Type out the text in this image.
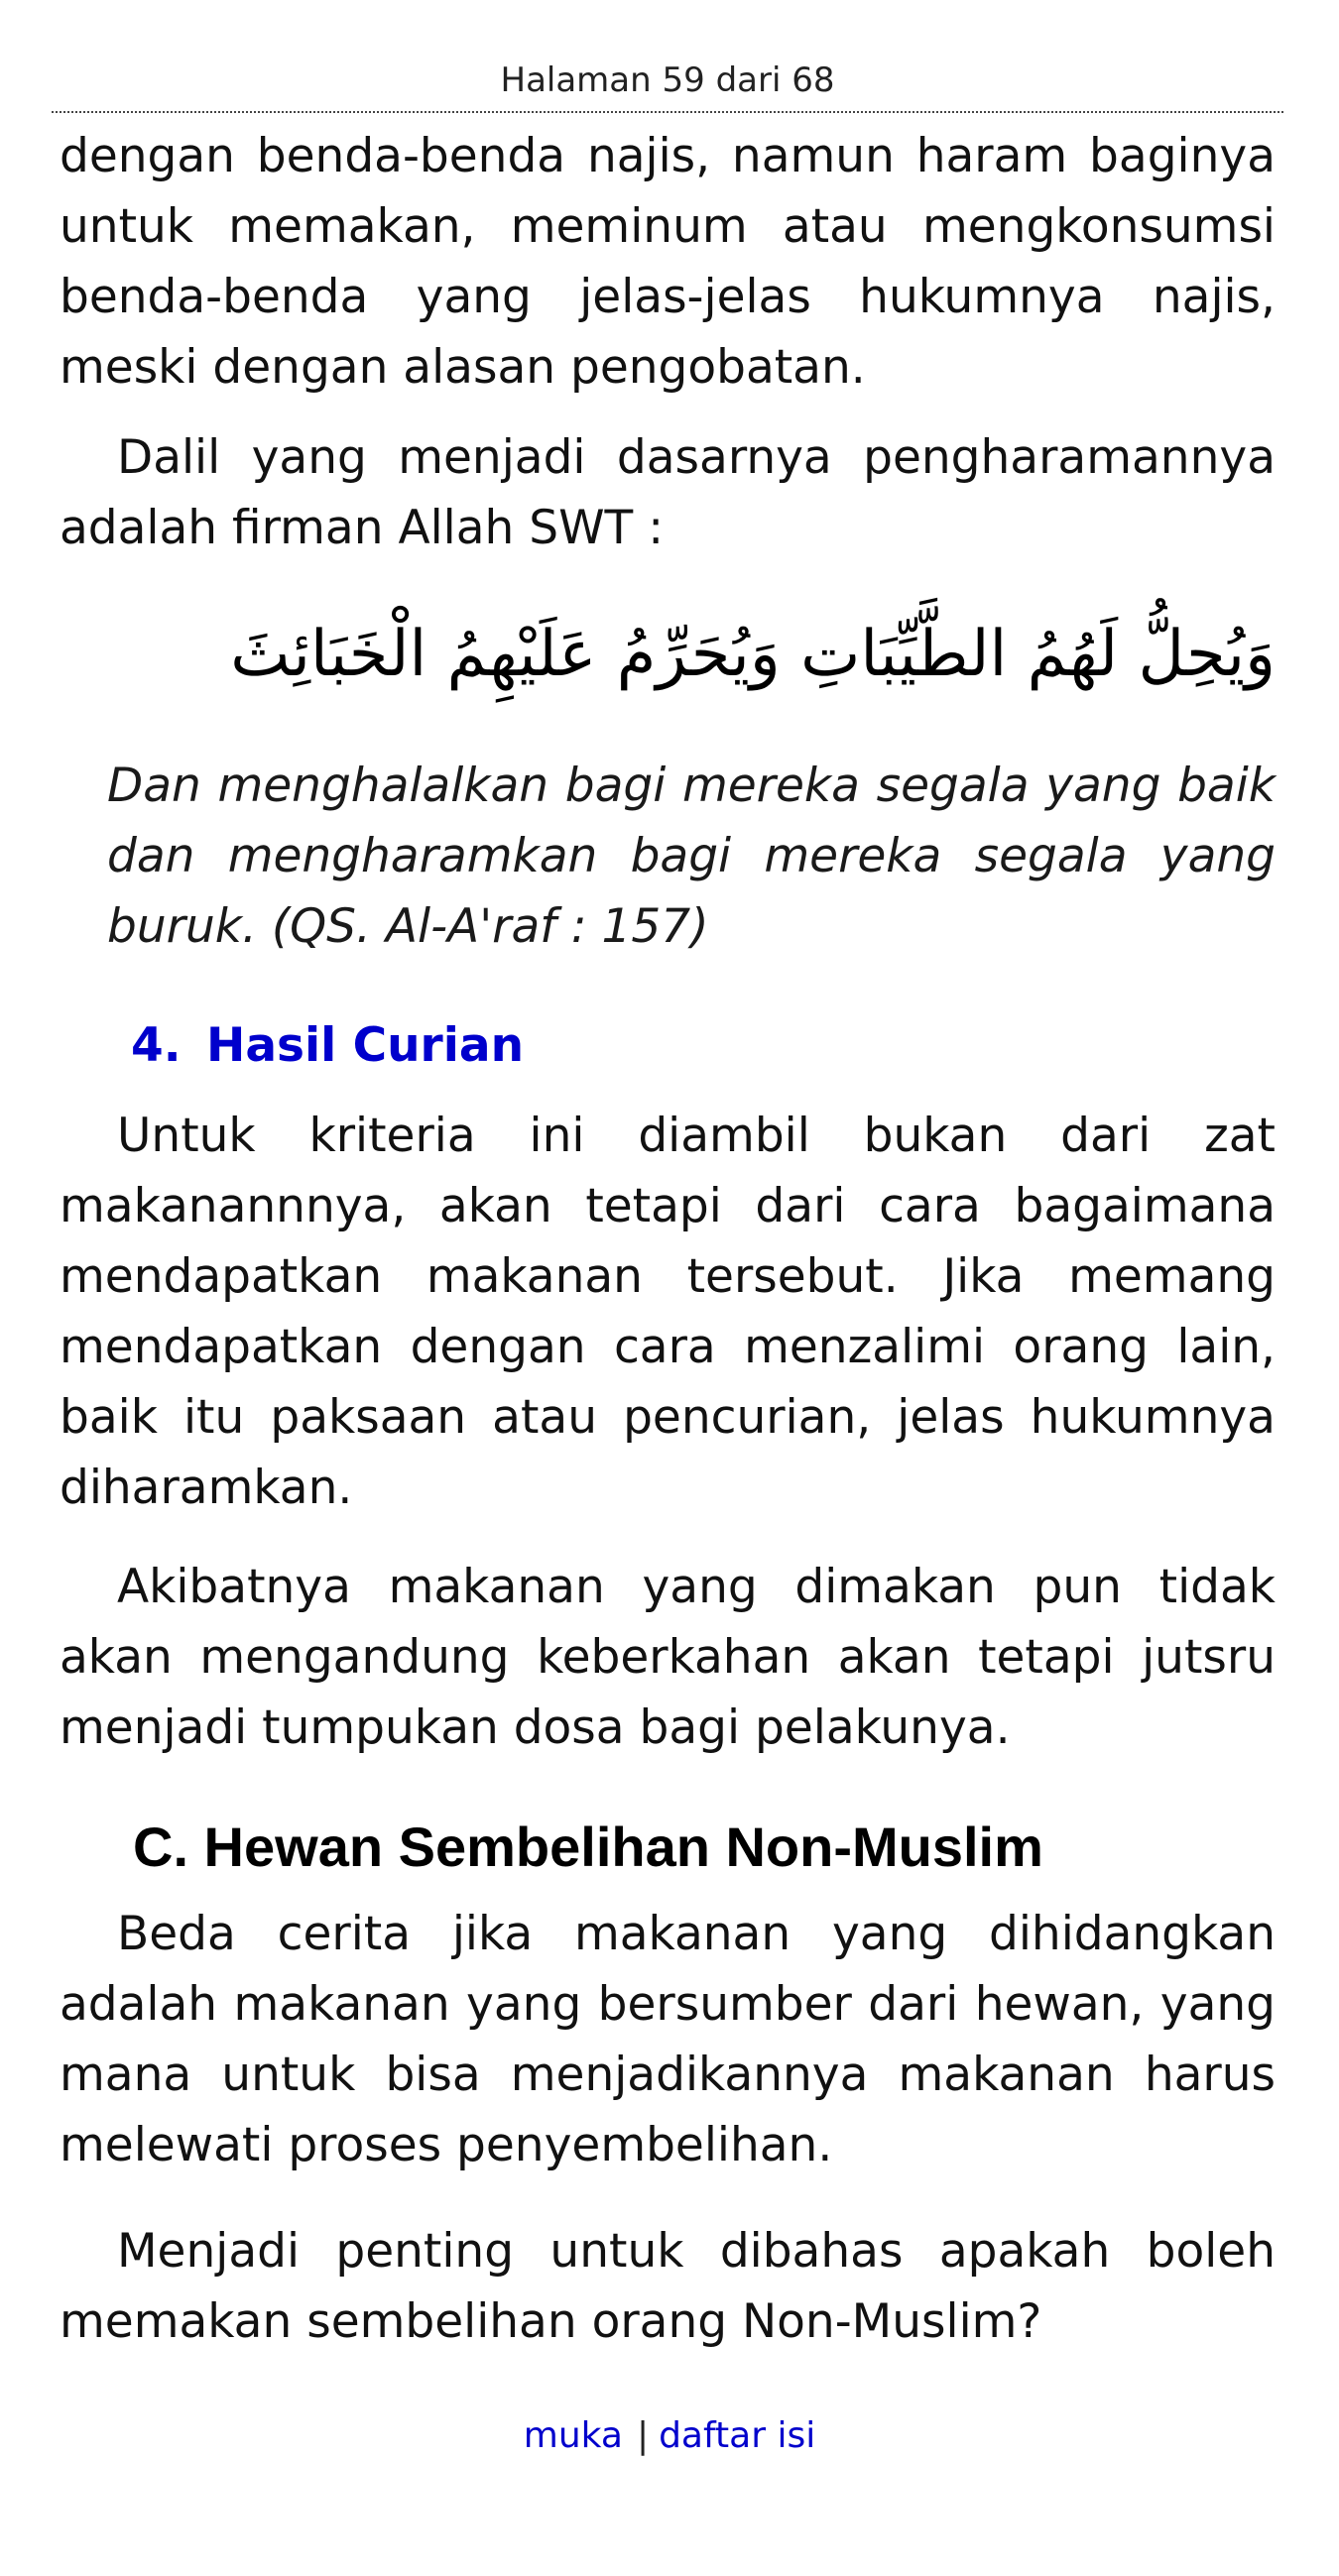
Halaman 59 dari 68

dengan benda-benda najis, namun haram baginya untuk memakan, meminum atau mengkonsumsi benda-benda yang jelas-jelas hukumnya najis, meski dengan alasan pengobatan.

Dalil yang menjadi dasarnya pengharamannya adalah firman Allah SWT :

وَيُحِلُّ لَهُمُ الطَّيِّبَاتِ وَيُحَرِّمُ عَلَيْهِمُ الْخَبَائِثَ

Dan menghalalkan bagi mereka segala yang baik dan mengharamkan bagi mereka segala yang buruk. (QS. Al-A'raf : 157)

4. Hasil Curian

Untuk kriteria ini diambil bukan dari zat makanannnya, akan tetapi dari cara bagaimana mendapatkan makanan tersebut. Jika memang mendapatkan dengan cara menzalimi orang lain, baik itu paksaan atau pencurian, jelas hukumnya diharamkan.

Akibatnya makanan yang dimakan pun tidak akan mengandung keberkahan akan tetapi jutsru menjadi tumpukan dosa bagi pelakunya.

C. Hewan Sembelihan Non-Muslim

Beda cerita jika makanan yang dihidangkan adalah makanan yang bersumber dari hewan, yang mana untuk bisa menjadikannya makanan harus melewati proses penyembelihan.

Menjadi penting untuk dibahas apakah boleh memakan sembelihan orang Non-Muslim?

muka | daftar isi
